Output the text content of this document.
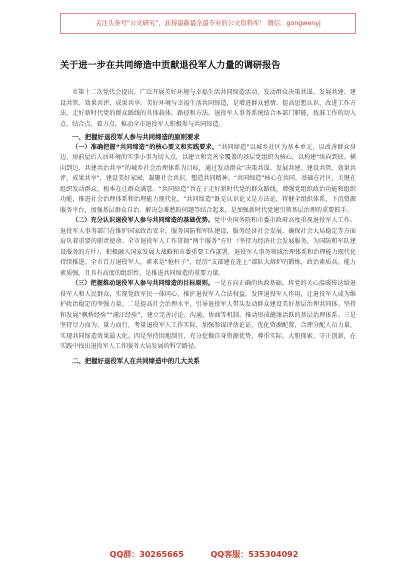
关注头条号“公文研究”，获得最新最全最专业的公文资料库！ 微信：gongwenyj

关于进一步在共同缔造中贡献退役军人力量的调研报告

市第十二次党代会提出，广泛开展美好环境与幸福生活共同缔造活动，发动群众决策共谋、发展共建、建设共管、效果共评、成果共享。美好环境与幸福生活共同缔造，是增进群众感情、提高思想认识、改进工作方法，走好新时代党的群众路线的具体载体、路径和方法。退役军人事务系统结合本部门职能，找准工作的切入点、结合点、着力点，推动全市退役军人积极参与共同缔造。

一、把握好退役军人参与共同缔造的原则要求

（一）准确把握“共同缔造”的核心要义和实践要求。“共同缔造”以城乡社区为基本单元，以改善群众身边、房前屋后人居环境的实事小事为切入点，以建立和完善全覆盖的基层党组织为核心，以构建“纵向到底、横向到边、共建共治共享”的城乡社会治理体系为目标，通过发动群众“决策共谋、发展共建、建设共管、效果共评、成果共享”，建设美好家园，凝聚社会共识，塑造共同精神。“共同缔造”核心在共同，基础在社区，关键在组织发动群众，根本在让群众满意。“共同缔造”旨在于走好新时代党的群众路线，增强党组织政治功能和组织功能，推进社会治理体系和治理能力现代化。“共同缔造”既是认识论又是方法论，将健全组织体系、下沉资源服务平台，加强基层群众自治，解决急难愁盼问题等结合起来，是加强新时代党建引领基层治理的重要抓手。

（二）充分认识退役军人参与共同缔造的基础优势。党中央国务院和市委市政府高度重视退役军人工作。退役军人事务部门在维护国家政治安全、服务国防和军队建设，服务经济社会发展，确保社会大局稳定等方面肩负着重要的职责使命。全市退役军人工作贯彻“两个服务”方针（坚持为经济社会发展服务，为国防和军队建设服务的方针），积极融入国家发展大战略和市委重要工作部署，退役军人事务领域治理体系和治理能力现代化持续推进。全市百万退役军人，素来是“枪杆子”，经历“支部建在连上”部队大熔炉的锻炼，政治素质高、能力素质强，且具有高度的组织性，是推进共同缔造的重要力量。

（三）把握推动退役军人参与共同缔造的目标原则。一是方向正确的执政基础。将党的关心温暖传达给退役军人和人民群众，实现党政军民一体同心，推护退役军人合法权益，发挥退役军人作用，让退役军人成为维护政治稳定的坚强力量。二是提高社会治理水平，引导退役军人带头发动群众建设美好基层治理共同体。坚持和发展“枫桥经验”“浦江经验”，建立完善讨论、沟通、协商等机制，推动形成健康活跃的基层治理体系。三是坚持尽力而为、量力而行，考量退役军人工作实际，加强参谋评估论证，优化资源配置，合理分配人员力量，实现共同缔造效果最大化。四是坚持因地制宜，充分挖掘自身资源优势，尊重实际、大胆探索、守正创新，在实践中找出退役军人工作服务大局发展的科学路径。

二、把握好退役军人在共同缔造中的几大关系

QQ群：30265665	QQ客服：535304092
